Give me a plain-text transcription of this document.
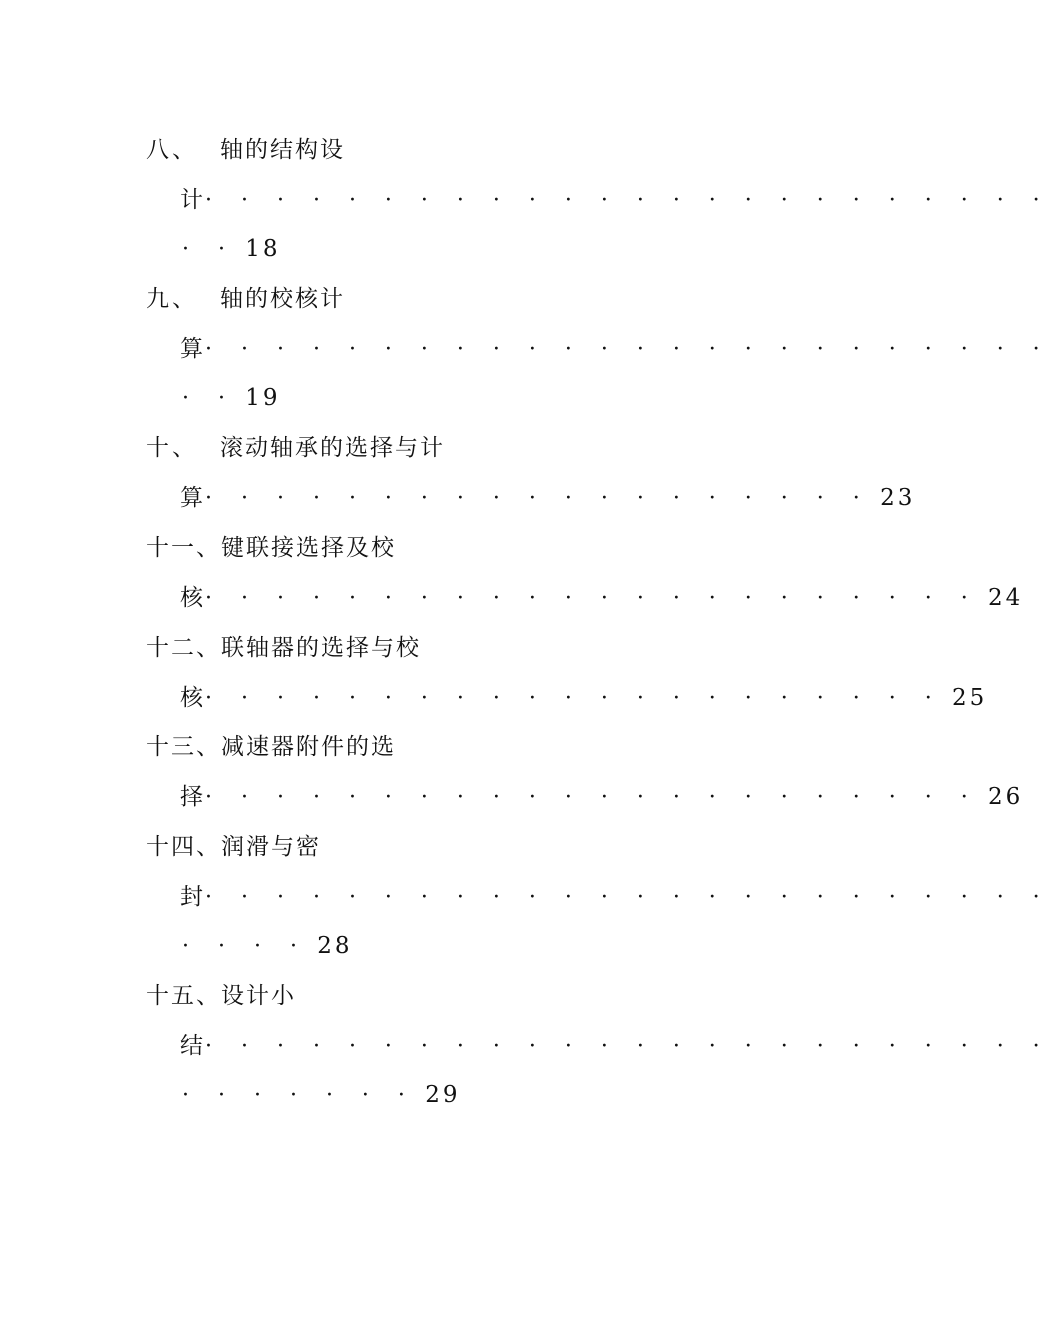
八、 轴的结构设
计· · · · · · · · · · · · · · · · · · · · · · · ·
· · 18
九、 轴的校核计
算· · · · · · · · · · · · · · · · · · · · · · · ·
· · 19
十、 滚动轴承的选择与计
算· · · · · · · · · · · · · · · · · · · 23
十一、键联接选择及校
核· · · · · · · · · · · · · · · · · · · · · · 24
十二、联轴器的选择与校
核· · · · · · · · · · · · · · · · · · · · · 25
十三、减速器附件的选
择· · · · · · · · · · · · · · · · · · · · · · 26
十四、润滑与密
封· · · · · · · · · · · · · · · · · · · · · · · ·
· · · · 28
十五、设计小
结· · · · · · · · · · · · · · · · · · · · · · · ·
· · · · · · · 29
